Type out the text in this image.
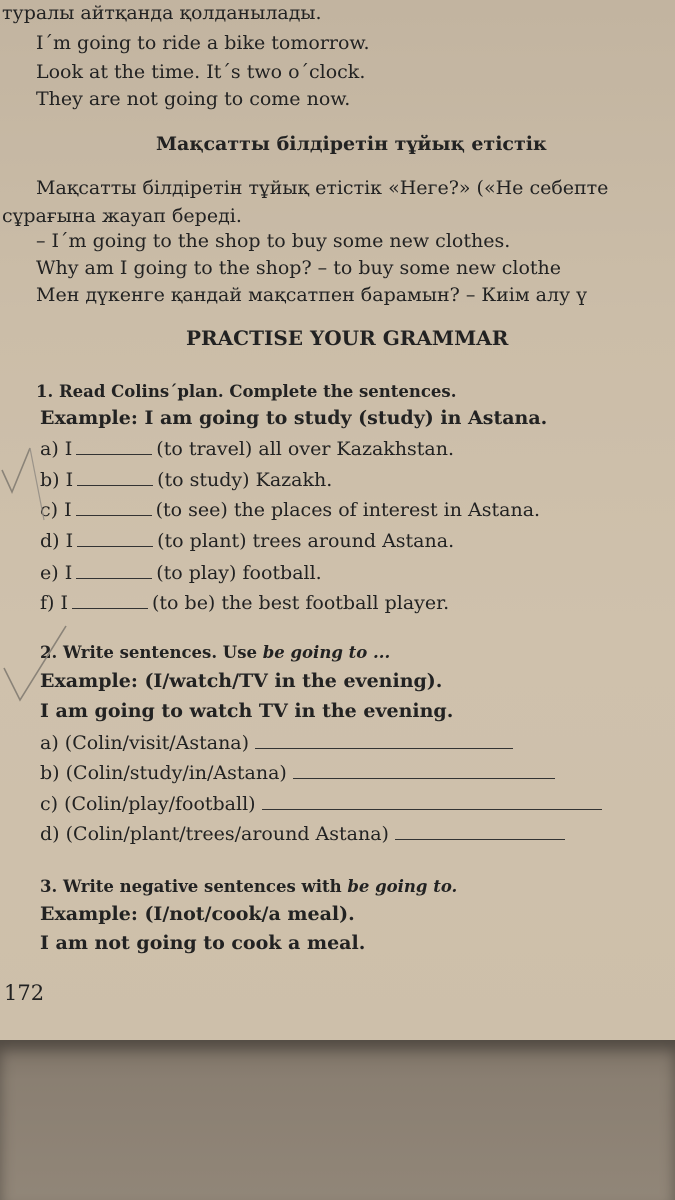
туралы айтқанда қолданылады.
I´m going to ride a bike tomorrow.
Look at the time. It´s two o´clock.
They are not going to come now.
Мақсатты білдіретін тұйық етістік
Мақсатты білдіретін тұйық етістік «Неге?» («Не себепте
сұрағына жауап береді.
– I´m going to the shop to buy some new clothes.
Why am I going to the shop? – to buy some new clothe
Мен дүкенге қандай мақсатпен барамын? – Киім алу ү
PRACTISE YOUR GRAMMAR
1. Read Colins´plan. Complete the sentences.
Example: I am going to study (study) in Astana.
a) I	(to travel) all over Kazakhstan.
b) I	(to study) Kazakh.
c) I	(to see) the places of interest in Astana.
d) I	(to plant) trees around Astana.
e) I	(to play) football.
f) I	(to be) the best football player.
2. Write sentences. Use be going to ...
Example: (I/watch/TV in the evening).
I am going to watch TV in the evening.
a) (Colin/visit/Astana)
b) (Colin/study/in/Astana)
c) (Colin/play/football)
d) (Colin/plant/trees/around Astana)
3. Write negative sentences with be going to.
Example: (I/not/cook/a meal).
I am not going to cook a meal.
172
